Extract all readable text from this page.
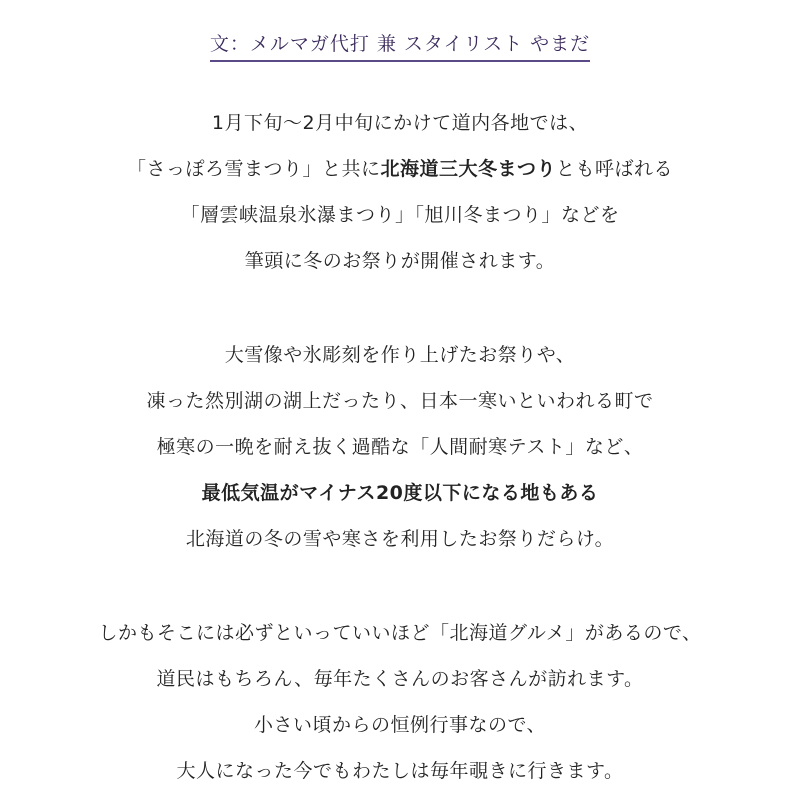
文：メルマガ代打 兼 スタイリスト やまだ
1月下旬〜2月中旬にかけて道内各地では、
「さっぽろ雪まつり」と共に北海道三大冬まつりとも呼ばれる
「層雲峡温泉氷瀑まつり」「旭川冬まつり」などを
筆頭に冬のお祭りが開催されます。
大雪像や氷彫刻を作り上げたお祭りや、
凍った然別湖の湖上だったり、日本一寒いといわれる町で
極寒の一晩を耐え抜く過酷な「人間耐寒テスト」など、
最低気温がマイナス20度以下になる地もある
北海道の冬の雪や寒さを利用したお祭りだらけ。
しかもそこには必ずといっていいほど「北海道グルメ」があるので、
道民はもちろん、毎年たくさんのお客さんが訪れます。
小さい頃からの恒例行事なので、
大人になった今でもわたしは毎年覗きに行きます。
